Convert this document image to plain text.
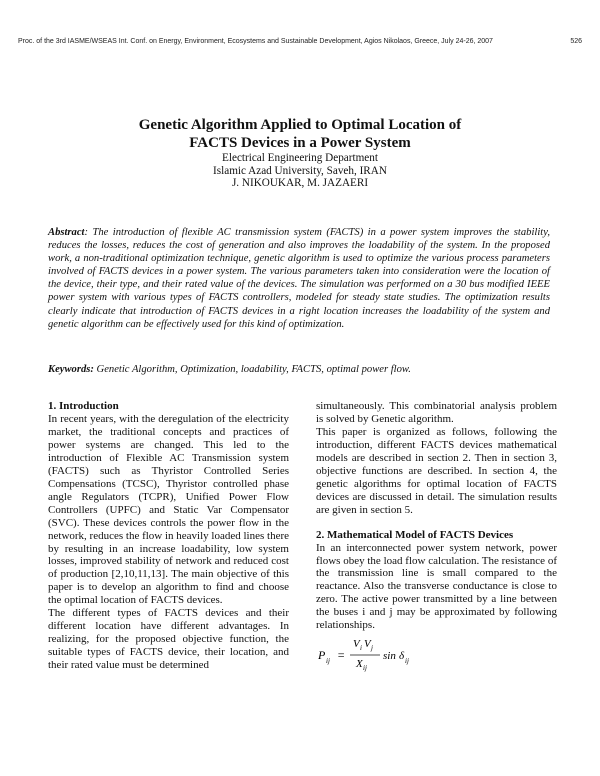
Proc. of the 3rd IASME/WSEAS Int. Conf. on Energy, Environment, Ecosystems and Sustainable Development, Agios Nikolaos, Greece, July 24-26, 2007	526

Genetic Algorithm Applied to Optimal Location of
FACTS Devices in a Power System

Electrical Engineering Department

Islamic Azad University, Saveh, IRAN

J. NIKOUKAR, M. JAZAERI

Abstract: The introduction of flexible AC transmission system (FACTS) in a power system improves the stability, reduces the losses, reduces the cost of generation and also improves the loadability of the system. In the proposed work, a non-traditional optimization technique, genetic algorithm is used to optimize the various process parameters involved of FACTS devices in a power system. The various parameters taken into consideration were the location of the device, their type, and their rated value of the devices. The simulation was performed on a 30 bus modified IEEE power system with various types of FACTS controllers, modeled for steady state studies. The optimization results clearly indicate that introduction of FACTS devices in a right location increases the loadability of the system and genetic algorithm can be effectively used for this kind of optimization.

Keywords: Genetic Algorithm, Optimization, loadability, FACTS, optimal power flow.

1. Introduction

In recent years, with the deregulation of the electricity market, the traditional concepts and practices of power systems are changed. This led to the introduction of Flexible AC Transmission system (FACTS) such as Thyristor Controlled Series Compensations (TCSC), Thyristor controlled phase angle Regulators (TCPR), Unified Power Flow Controllers (UPFC) and Static Var Compensator (SVC). These devices controls the power flow in the network, reduces the flow in heavily loaded lines there by resulting in an increase loadability, low system losses, improved stability of network and reduced cost of production [2,10,11,13]. The main objective of this paper is to develop an algorithm to find and choose the optimal location of FACTS devices.

The different types of FACTS devices and their different location have different advantages. In realizing, for the proposed objective function, the suitable types of FACTS device, their location, and their rated value must be determined

simultaneously. This combinatorial analysis problem is solved by Genetic algorithm.

This paper is organized as follows, following the introduction, different FACTS devices mathematical models are described in section 2. Then in section 3, objective functions are described. In section 4, the genetic algorithms for optimal location of FACTS devices are discussed in detail. The simulation results are given in section 5.

2. Mathematical Model of FACTS Devices

In an interconnected power system network, power flows obey the load flow calculation. The resistance of the transmission line is small compared to the reactance. Also the transverse conductance is close to zero. The active power transmitted by a line between the buses i and j may be approximated by following relationships.

P ij =
V i V j
X ij
sin δ ij
